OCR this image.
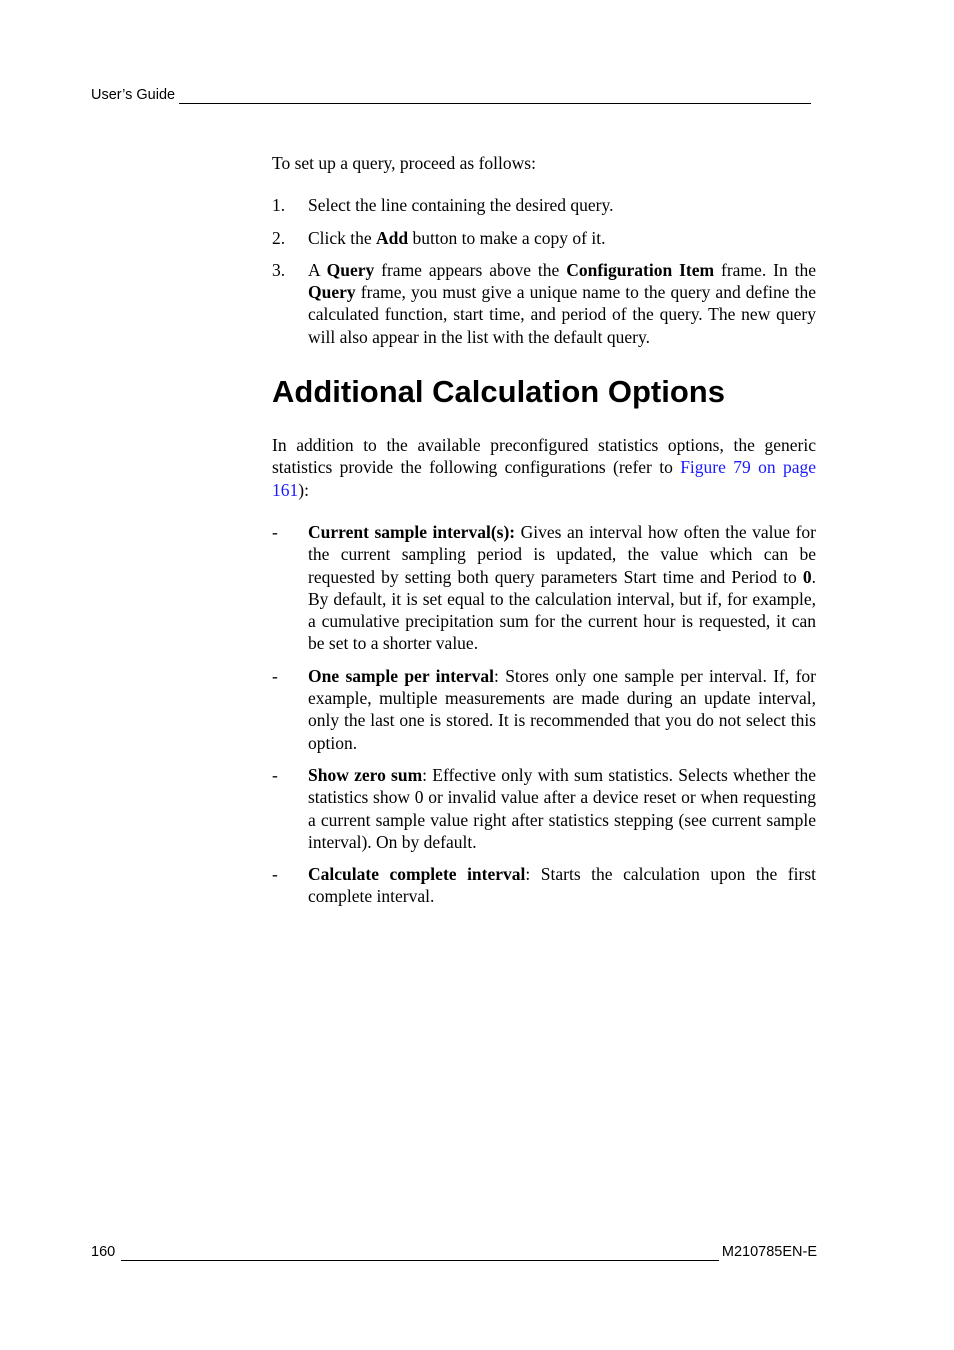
User’s Guide

To set up a query, proceed as follows:

1.	Select the line containing the desired query.
2.	Click the Add button to make a copy of it.
3.	A Query frame appears above the Configuration Item frame. In the Query frame, you must give a unique name to the query and define the calculated function, start time, and period of the query. The new query will also appear in the list with the default query.
Additional Calculation Options

In addition to the available preconfigured statistics options, the generic statistics provide the following configurations (refer to Figure 79 on page 161):

-	Current sample interval(s): Gives an interval how often the value for the current sampling period is updated, the value which can be requested by setting both query parameters Start time and Period to 0. By default, it is set equal to the calculation interval, but if, for example, a cumulative precipitation sum for the current hour is requested, it can be set to a shorter value.
-	One sample per interval: Stores only one sample per interval. If, for example, multiple measurements are made during an update interval, only the last one is stored. It is recommended that you do not select this option.
-	Show zero sum: Effective only with sum statistics. Selects whether the statistics show 0 or invalid value after a device reset or when requesting a current sample value right after statistics stepping (see current sample interval). On by default.
-	Calculate complete interval: Starts the calculation upon the first complete interval.
160	M210785EN-E
